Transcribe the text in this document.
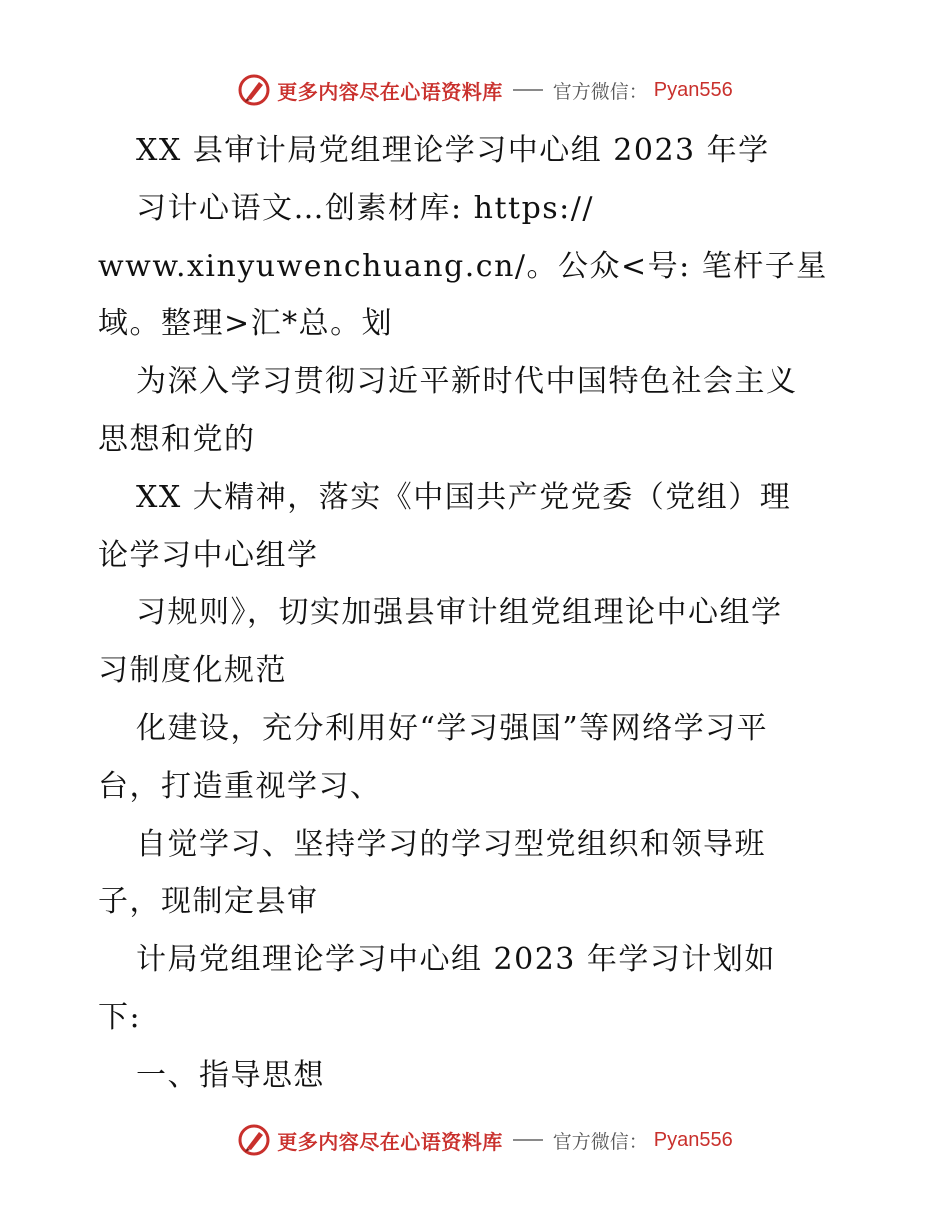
更多内容尽在心语资料库	官方微信： Pyan556
XX 县审计局党组理论学习中心组 2023 年学
习计心语文…创素材库: https://
www.xinyuwenchuang.cn/。公众<号: 笔杆子星
域。整理>汇*总。划
为深入学习贯彻习近平新时代中国特色社会主义
思想和党的
XX 大精神，落实《中国共产党党委（党组）理
论学习中心组学
习规则》，切实加强县审计组党组理论中心组学
习制度化规范
化建设，充分利用好“学习强国”等网络学习平
台，打造重视学习、
自觉学习、坚持学习的学习型党组织和领导班
子，现制定县审
计局党组理论学习中心组 2023 年学习计划如
下:
一、指导思想
更多内容尽在心语资料库	官方微信： Pyan556
